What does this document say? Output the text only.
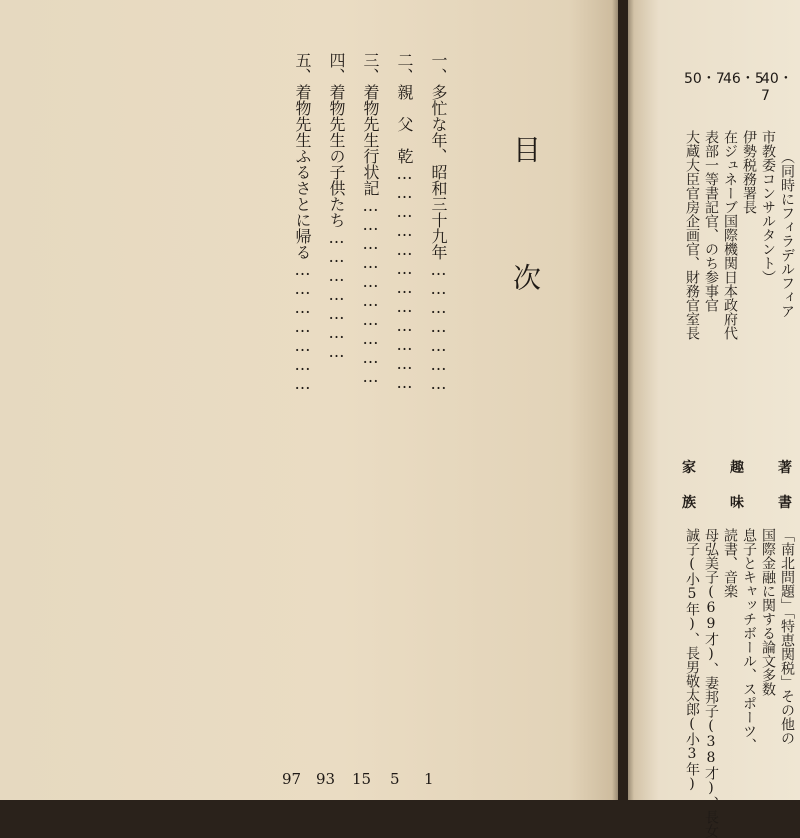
目次
一、多忙な年、昭和三十九年…………………
1
二、親　父　乾………………………………
5
三、着物先生行状記…………………………
15
四、着物先生の子供たち…………………
93
五、着物先生ふるさとに帰る…………………
97
40・7
46・5
50・7
（同時にフィラデルフィア
市教委コンサルタント）
伊勢税務署長
在ジュネーブ国際機関日本政府代
表部一等書記官、のち参事官
大蔵大臣官房企画官、財務官室長
著
書
趣
味
家
族
「南北問題」「特恵関税」その他の
国際金融に関する論文多数
息子とキャッチボール、スポーツ、
読書、音楽
母弘美子(69才)、妻邦子(38才)、長女
誠子(小5年)、長男敬太郎(小3年)
